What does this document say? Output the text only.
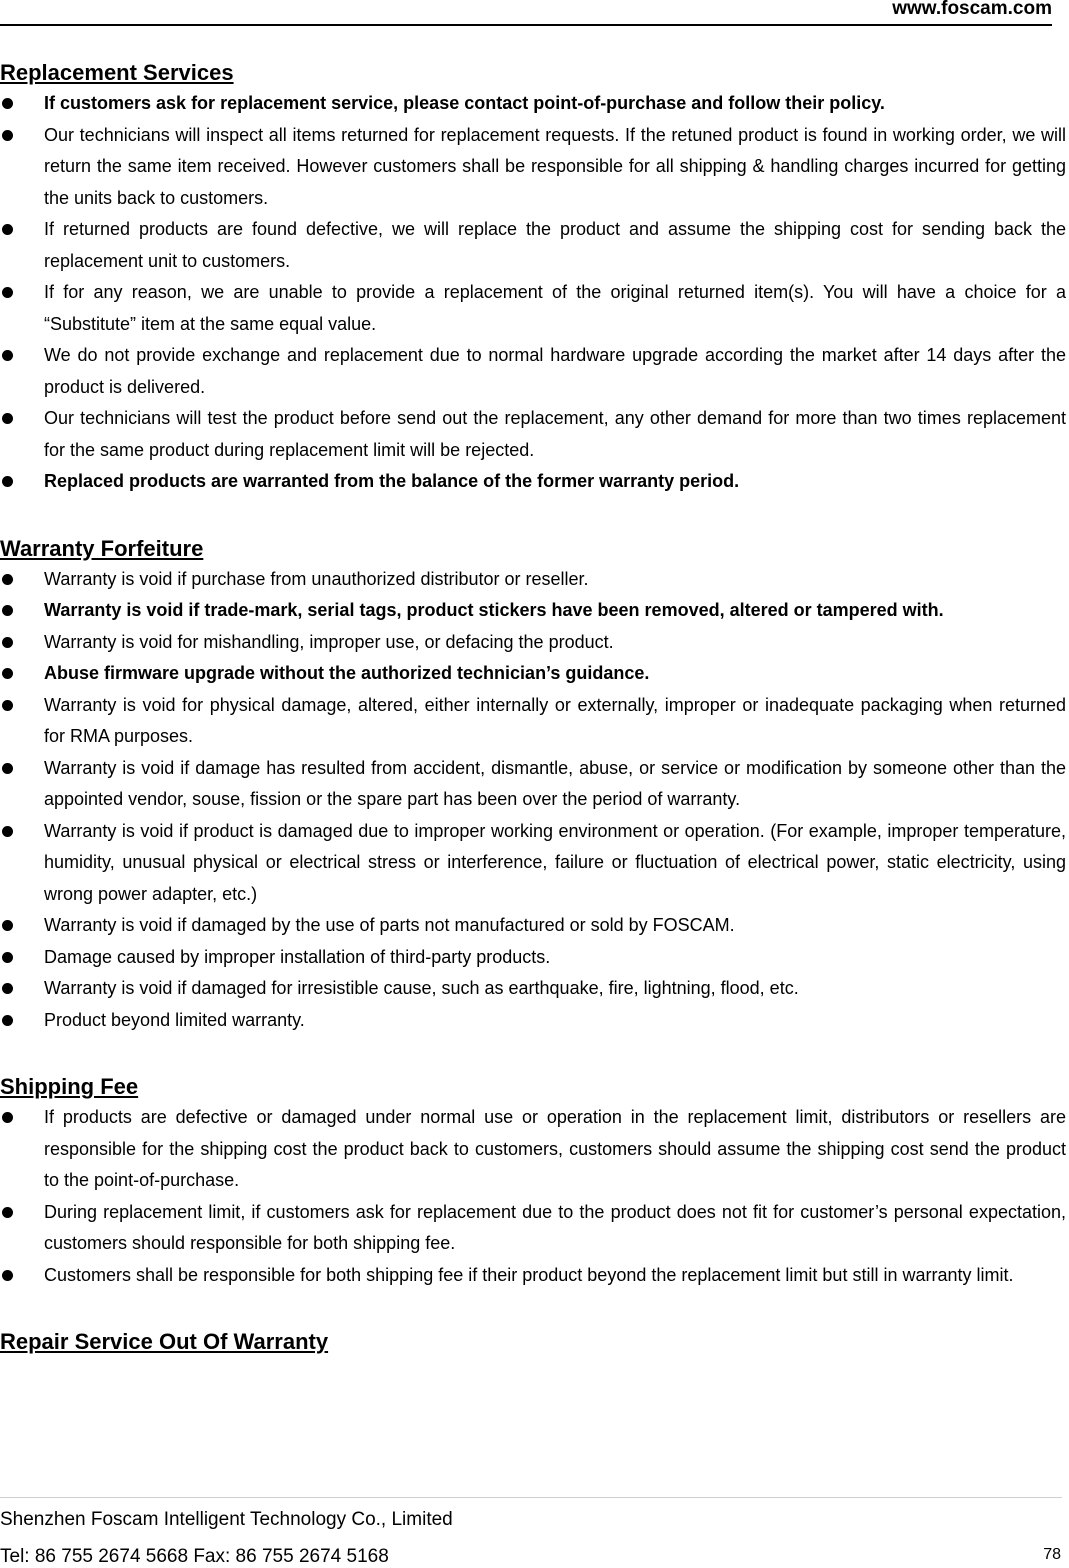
www.foscam.com
Replacement Services
If customers ask for replacement service, please contact point-of-purchase and follow their policy.
Our technicians will inspect all items returned for replacement requests. If the retuned product is found in working order, we will return the same item received. However customers shall be responsible for all shipping & handling charges incurred for getting the units back to customers.
If returned products are found defective, we will replace the product and assume the shipping cost for sending back the replacement unit to customers.
If for any reason, we are unable to provide a replacement of the original returned item(s). You will have a choice for a “Substitute” item at the same equal value.
We do not provide exchange and replacement due to normal hardware upgrade according the market after 14 days after the product is delivered.
Our technicians will test the product before send out the replacement, any other demand for more than two times replacement for the same product during replacement limit will be rejected.
Replaced products are warranted from the balance of the former warranty period.
Warranty Forfeiture
Warranty is void if purchase from unauthorized distributor or reseller.
Warranty is void if trade-mark, serial tags, product stickers have been removed, altered or tampered with.
Warranty is void for mishandling, improper use, or defacing the product.
Abuse firmware upgrade without the authorized technician’s guidance.
Warranty is void for physical damage, altered, either internally or externally, improper or inadequate packaging when returned for RMA purposes.
Warranty is void if damage has resulted from accident, dismantle, abuse, or service or modification by someone other than the appointed vendor, souse, fission or the spare part has been over the period of warranty.
Warranty is void if product is damaged due to improper working environment or operation. (For example, improper temperature, humidity, unusual physical or electrical stress or interference, failure or fluctuation of electrical power, static electricity, using wrong power adapter, etc.)
Warranty is void if damaged by the use of parts not manufactured or sold by FOSCAM.
Damage caused by improper installation of third-party products.
Warranty is void if damaged for irresistible cause, such as earthquake, fire, lightning, flood, etc.
Product beyond limited warranty.
Shipping Fee
If products are defective or damaged under normal use or operation in the replacement limit, distributors or resellers are responsible for the shipping cost the product back to customers, customers should assume the shipping cost send the product to the point-of-purchase.
During replacement limit, if customers ask for replacement due to the product does not fit for customer’s personal expectation, customers should responsible for both shipping fee.
Customers shall be responsible for both shipping fee if their product beyond the replacement limit but still in warranty limit.
Repair Service Out Of Warranty
Shenzhen Foscam Intelligent Technology Co., Limited
Tel: 86 755 2674 5668 Fax: 86 755 2674 5168	78
